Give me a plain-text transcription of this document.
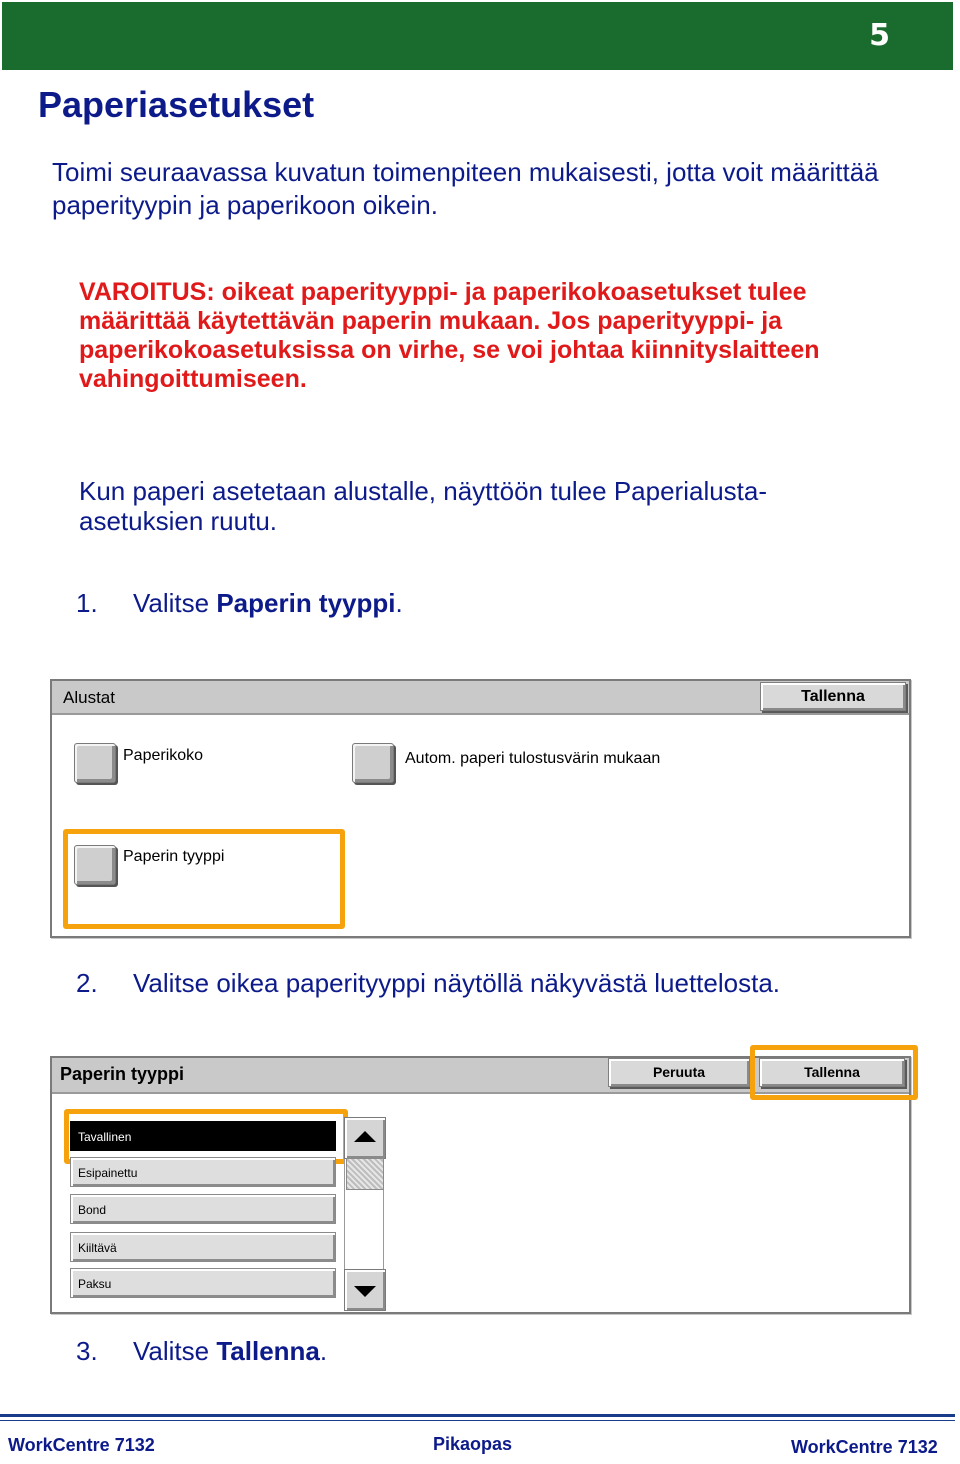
5
Paperiasetukset
Toimi seuraavassa kuvatun toimenpiteen mukaisesti, jotta voit määrittää paperityypin ja paperikoon oikein.
VAROITUS: oikeat paperityyppi- ja paperikokoasetukset tulee määrittää käytettävän paperin mukaan. Jos paperityyppi- ja paperikokoasetuksissa on virhe, se voi johtaa kiinnityslaitteen vahingoittumiseen.
Kun paperi asetetaan alustalle, näyttöön tulee Paperialusta-asetuksien ruutu.
1. Valitse Paperin tyyppi.
Alustat	Tallenna
Paperikoko	Autom. paperi tulostusvärin mukaan
Paperin tyyppi
2. Valitse oikea paperityyppi näytöllä näkyvästä luettelosta.
Paperin tyyppi	Peruuta	Tallenna
Tavallinen
Esipainettu
Bond
Kiiltävä
Paksu
3. Valitse Tallenna.
WorkCentre 7132	Pikaopas	WorkCentre 7132
